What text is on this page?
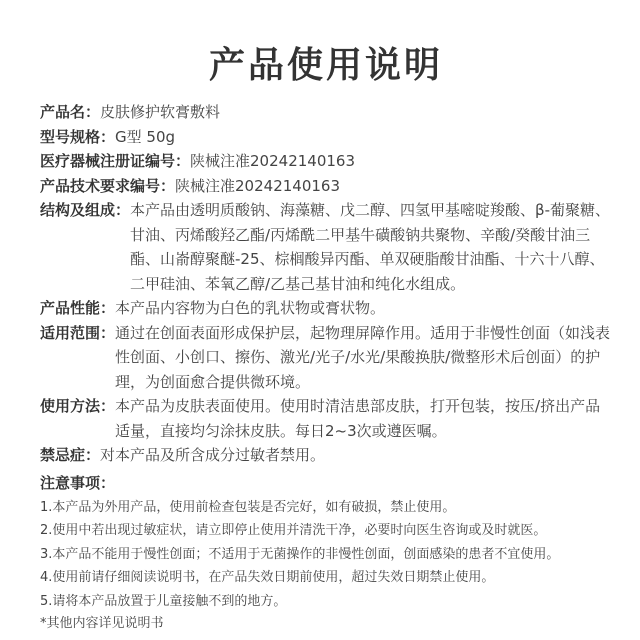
产品使用说明
产品名： 皮肤修护软膏敷料
型号规格： G型 50g
医疗器械注册证编号： 陕械注准20242140163
产品技术要求编号： 陕械注准20242140163
结构及组成： 本产品由透明质酸钠、海藻糖、戊二醇、四氢甲基嘧啶羧酸、β-葡聚糖、甘油、丙烯酸羟乙酯/丙烯酰二甲基牛磺酸钠共聚物、辛酸/癸酸甘油三酯、山嵛醇聚醚-25、棕榈酸异丙酯、单双硬脂酸甘油酯、十六十八醇、二甲硅油、苯氧乙醇/乙基己基甘油和纯化水组成。
产品性能： 本产品内容物为白色的乳状物或膏状物。
适用范围： 通过在创面表面形成保护层，起物理屏障作用。适用于非慢性创面（如浅表性创面、小创口、擦伤、激光/光子/水光/果酸换肤/微整形术后创面）的护理，为创面愈合提供微环境。
使用方法： 本产品为皮肤表面使用。使用时清洁患部皮肤，打开包装，按压/挤出产品适量，直接均匀涂抹皮肤。每日2~3次或遵医嘱。
禁忌症： 对本产品及所含成分过敏者禁用。
注意事项：
1.本产品为外用产品，使用前检查包装是否完好，如有破损，禁止使用。
2.使用中若出现过敏症状，请立即停止使用并清洗干净，必要时向医生咨询或及时就医。
3.本产品不能用于慢性创面；不适用于无菌操作的非慢性创面，创面感染的患者不宜使用。
4.使用前请仔细阅读说明书，在产品失效日期前使用，超过失效日期禁止使用。
5.请将本产品放置于儿童接触不到的地方。
*其他内容详见说明书
